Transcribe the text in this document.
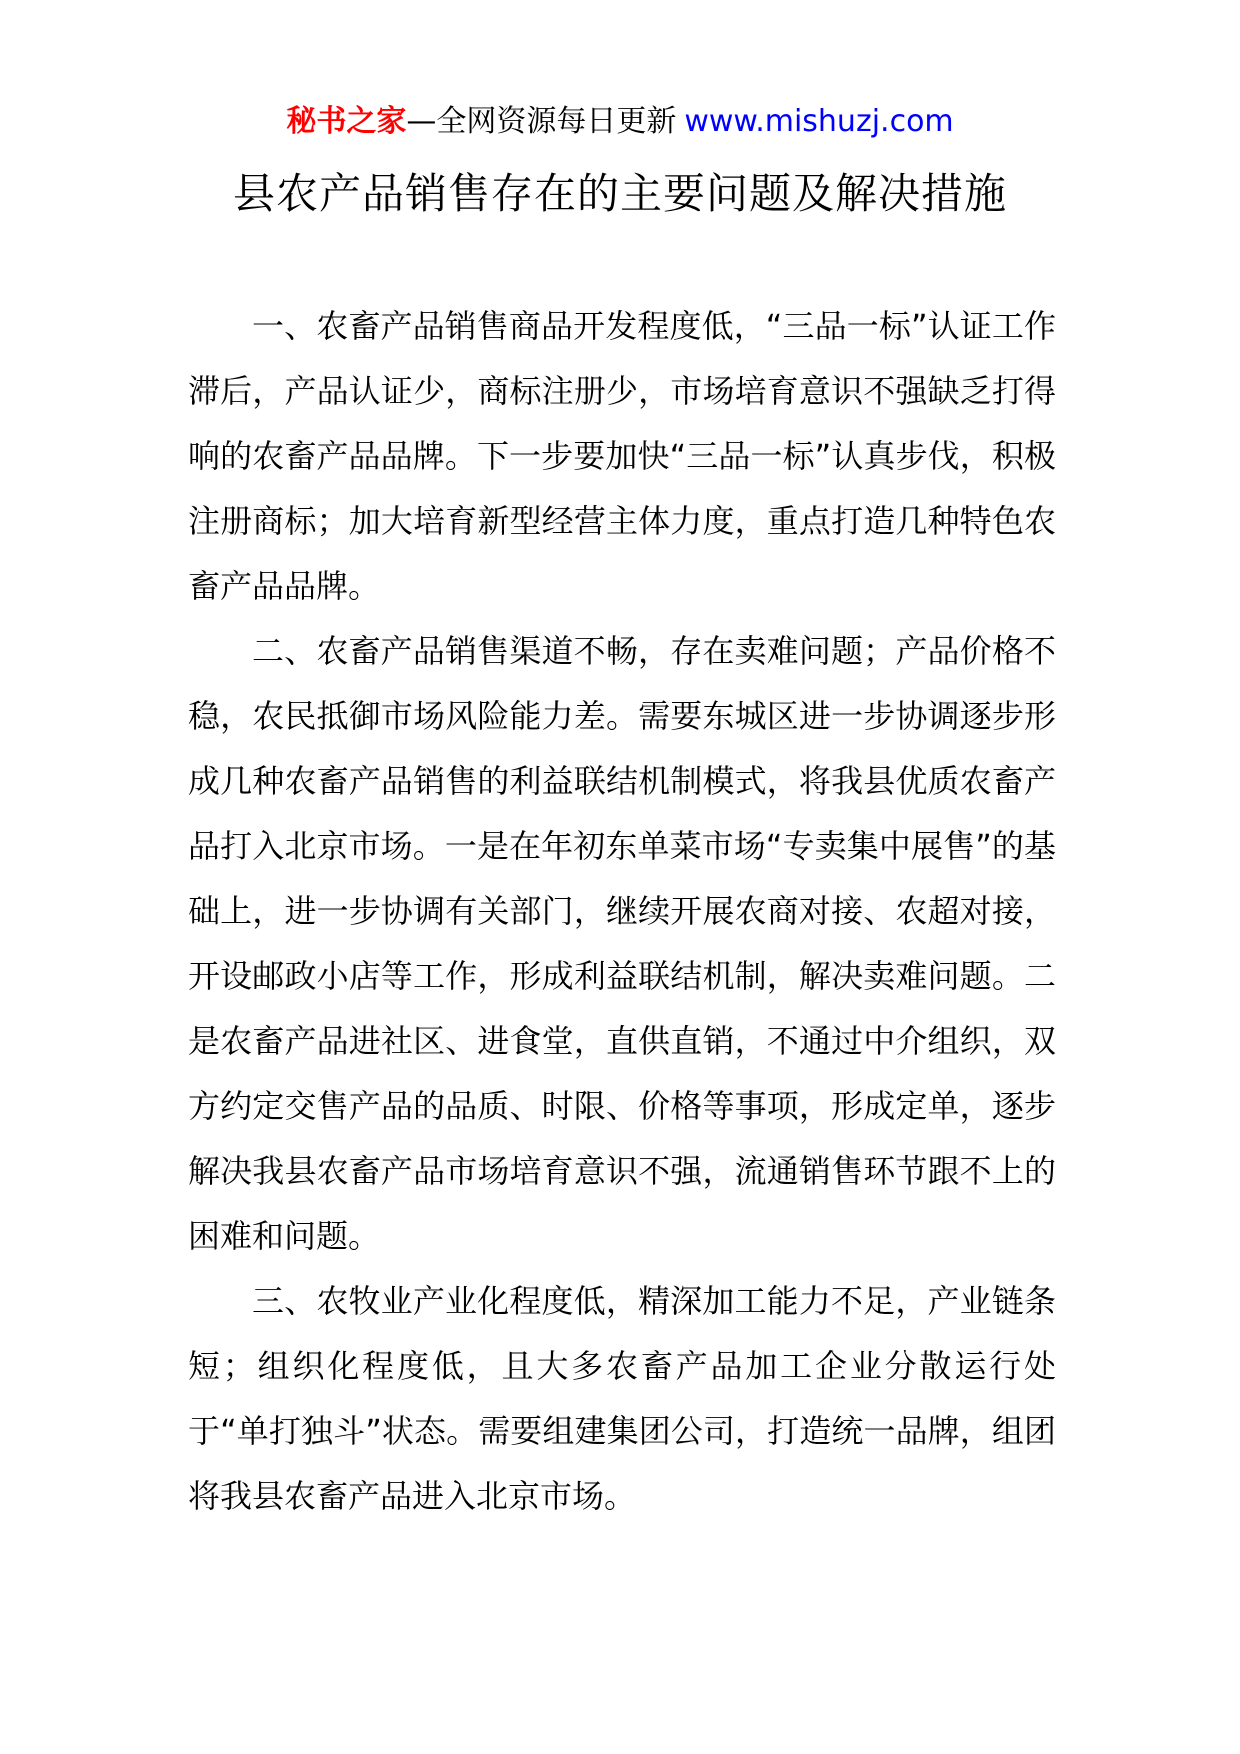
秘书之家—全网资源每日更新 www.mishuzj.com
县农产品销售存在的主要问题及解决措施

一、农畜产品销售商品开发程度低，“三品一标”认证工作滞后，产品认证少，商标注册少，市场培育意识不强缺乏打得响的农畜产品品牌。下一步要加快“三品一标”认真步伐，积极注册商标；加大培育新型经营主体力度，重点打造几种特色农畜产品品牌。

二、农畜产品销售渠道不畅，存在卖难问题；产品价格不稳，农民抵御市场风险能力差。需要东城区进一步协调逐步形成几种农畜产品销售的利益联结机制模式，将我县优质农畜产品打入北京市场。一是在年初东单菜市场“专卖集中展售”的基础上，进一步协调有关部门，继续开展农商对接、农超对接，开设邮政小店等工作，形成利益联结机制，解决卖难问题。二是农畜产品进社区、进食堂，直供直销，不通过中介组织，双方约定交售产品的品质、时限、价格等事项，形成定单，逐步解决我县农畜产品市场培育意识不强，流通销售环节跟不上的困难和问题。

三、农牧业产业化程度低，精深加工能力不足，产业链条短；组织化程度低，且大多农畜产品加工企业分散运行处于“单打独斗”状态。需要组建集团公司，打造统一品牌，组团将我县农畜产品进入北京市场。
